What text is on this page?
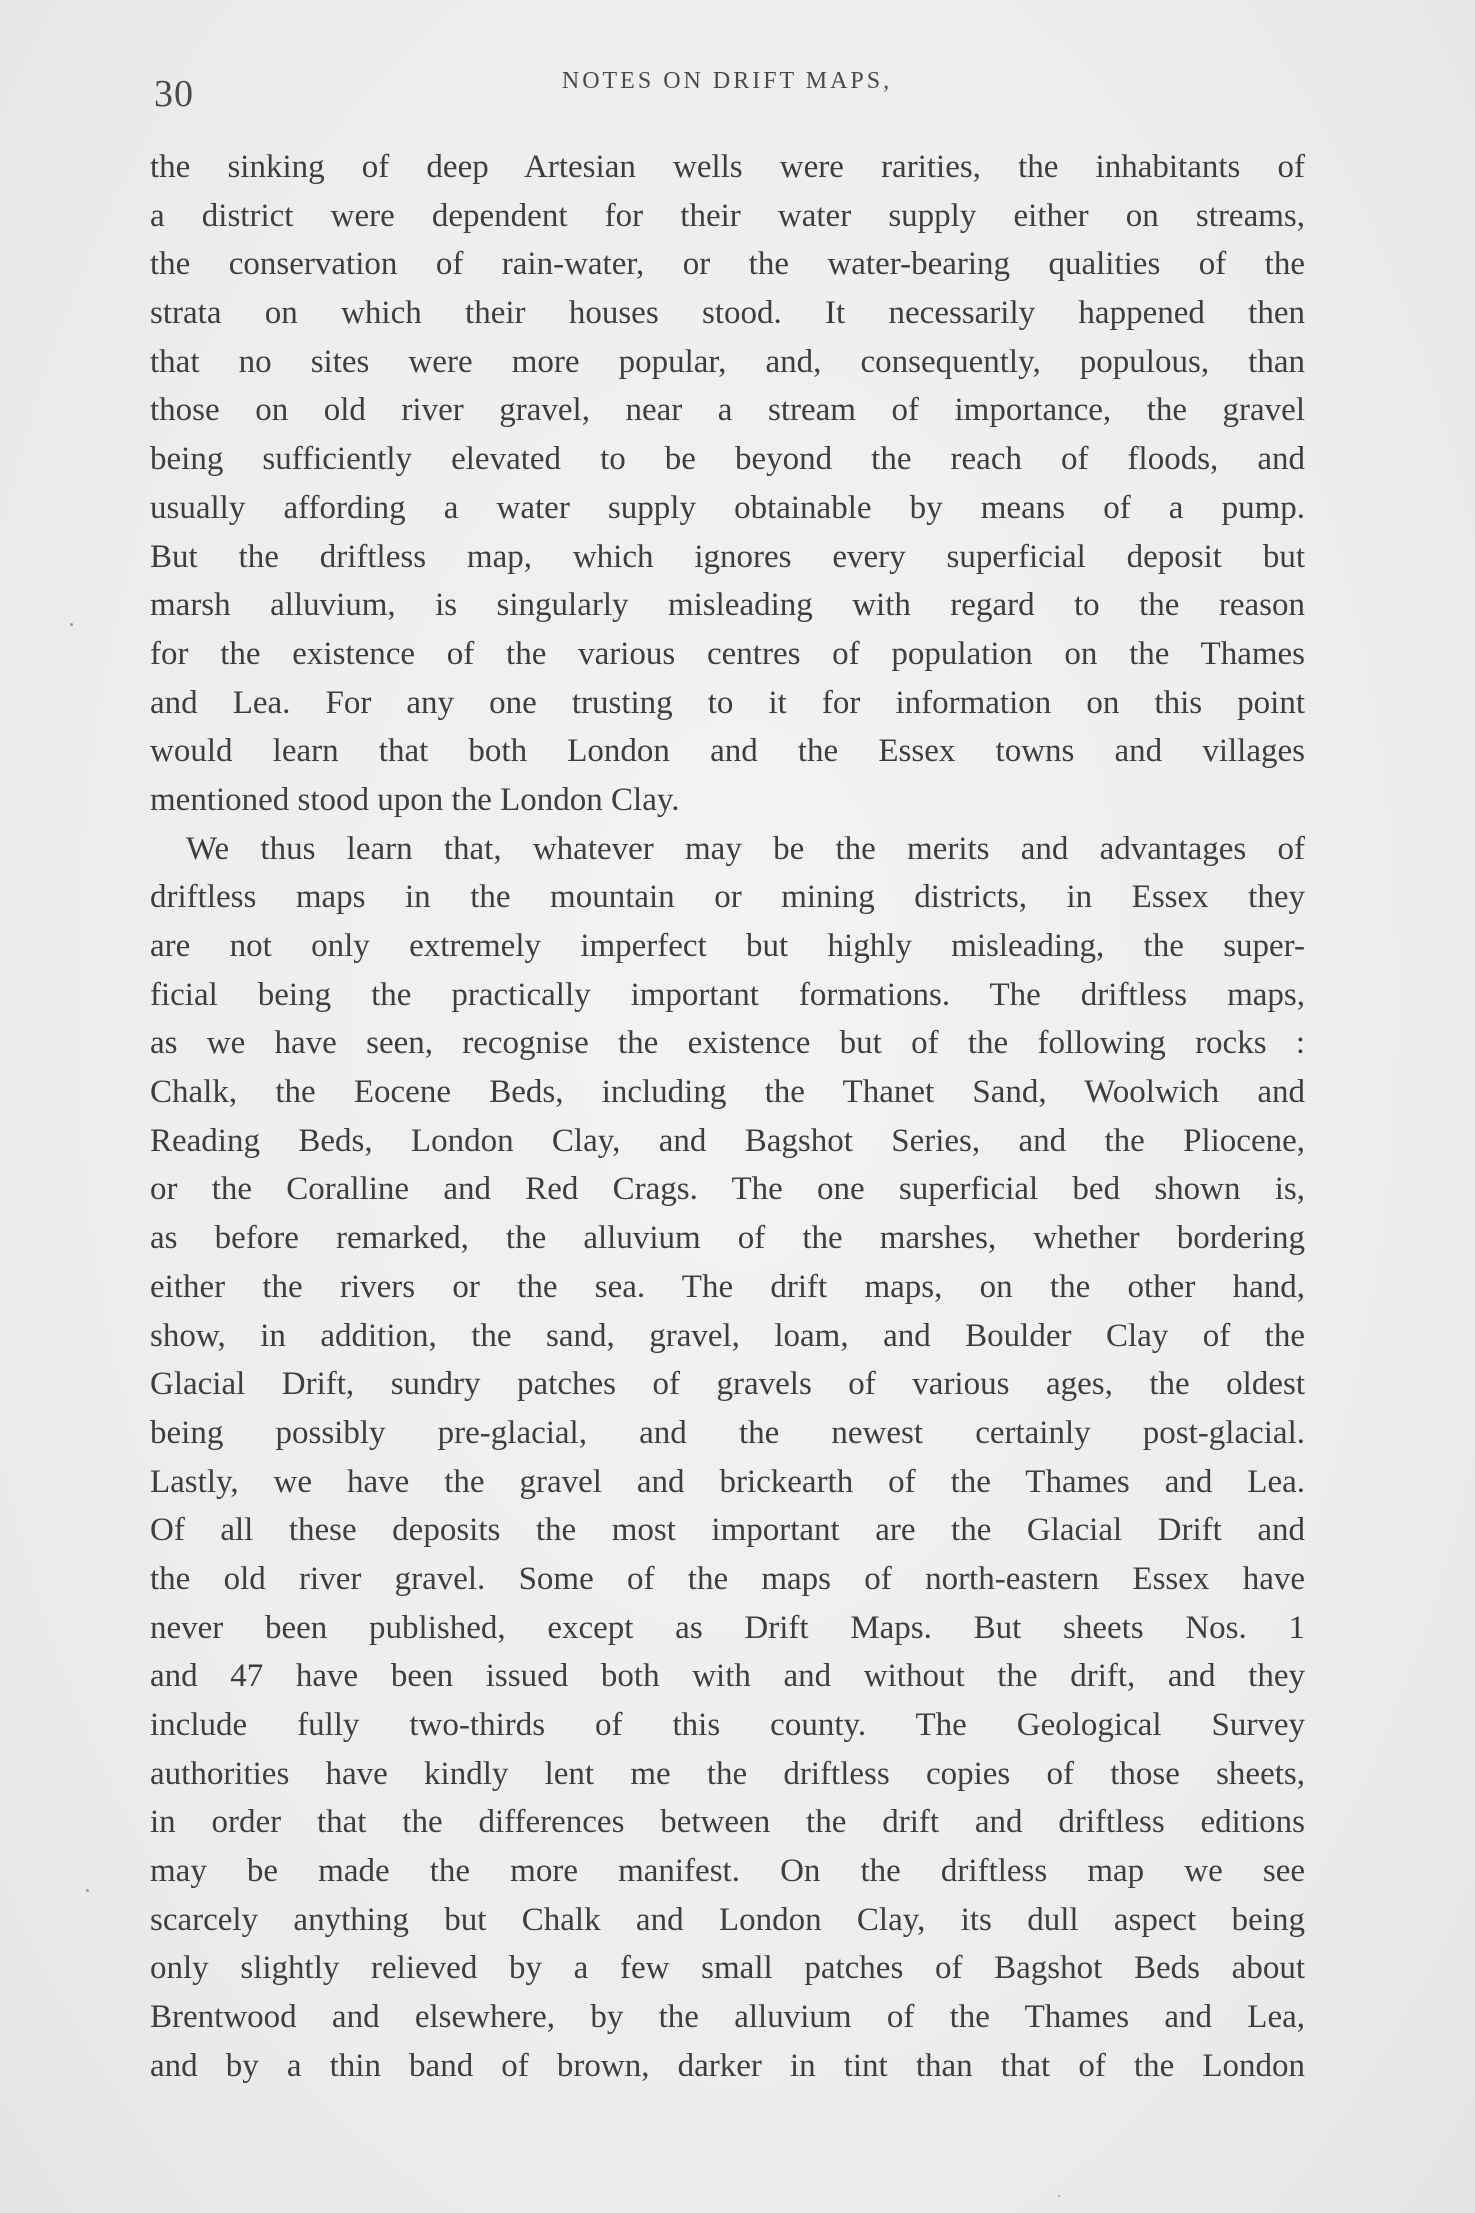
30	NOTES ON DRIFT MAPS,
the sinking of deep Artesian wells were rarities, the inhabitants of
a district were dependent for their water supply either on streams,
the conservation of rain-water, or the water-bearing qualities of the
strata on which their houses stood. It necessarily happened then
that no sites were more popular, and, consequently, populous, than
those on old river gravel, near a stream of importance, the gravel
being sufficiently elevated to be beyond the reach of floods, and
usually affording a water supply obtainable by means of a pump.
But the driftless map, which ignores every superficial deposit but
marsh alluvium, is singularly misleading with regard to the reason
for the existence of the various centres of population on the Thames
and Lea. For any one trusting to it for information on this point
would learn that both London and the Essex towns and villages
mentioned stood upon the London Clay.
We thus learn that, whatever may be the merits and advantages of
driftless maps in the mountain or mining districts, in Essex they
are not only extremely imperfect but highly misleading, the super-
ficial being the practically important formations. The driftless maps,
as we have seen, recognise the existence but of the following rocks :
Chalk, the Eocene Beds, including the Thanet Sand, Woolwich and
Reading Beds, London Clay, and Bagshot Series, and the Pliocene,
or the Coralline and Red Crags. The one superficial bed shown is,
as before remarked, the alluvium of the marshes, whether bordering
either the rivers or the sea. The drift maps, on the other hand,
show, in addition, the sand, gravel, loam, and Boulder Clay of the
Glacial Drift, sundry patches of gravels of various ages, the oldest
being possibly pre-glacial, and the newest certainly post-glacial.
Lastly, we have the gravel and brickearth of the Thames and Lea.
Of all these deposits the most important are the Glacial Drift and
the old river gravel. Some of the maps of north-eastern Essex have
never been published, except as Drift Maps. But sheets Nos. 1
and 47 have been issued both with and without the drift, and they
include fully two-thirds of this county. The Geological Survey
authorities have kindly lent me the driftless copies of those sheets,
in order that the differences between the drift and driftless editions
may be made the more manifest. On the driftless map we see
scarcely anything but Chalk and London Clay, its dull aspect being
only slightly relieved by a few small patches of Bagshot Beds about
Brentwood and elsewhere, by the alluvium of the Thames and Lea,
and by a thin band of brown, darker in tint than that of the London
